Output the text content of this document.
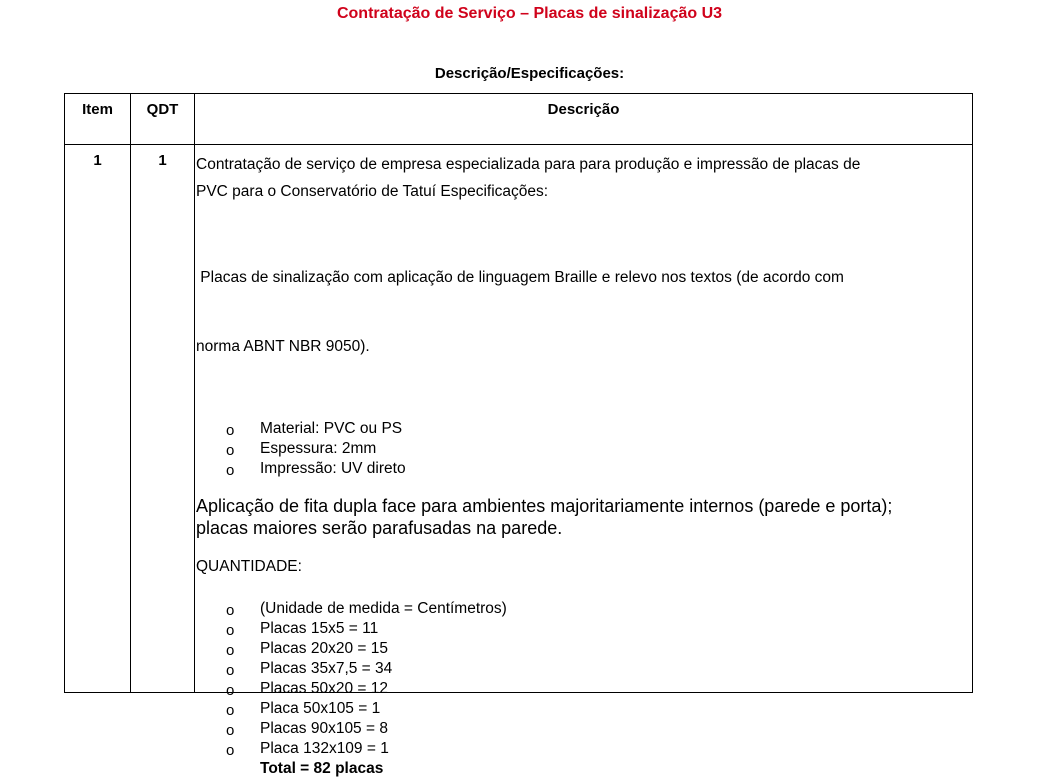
Contratação de Serviço – Placas de sinalização U3
Descrição/Especificações:
Item	QDT	Descrição
1	1	Contratação de serviço de empresa especializada para para produção e impressão de placas de
PVC para o Conservatório de Tatuí Especificações:

Placas de sinalização com aplicação de linguagem Braille e relevo nos textos (de acordo com

norma ABNT NBR 9050).

o Material: PVC ou PS
o Espessura: 2mm
o Impressão: UV direto

Aplicação de fita dupla face para ambientes majoritariamente internos (parede e porta);
placas maiores serão parafusadas na parede.

QUANTIDADE:

o (Unidade de medida = Centímetros)
o Placas 15x5 = 11
o Placas 20x20 = 15
o Placas 35x7,5 = 34
o Placas 50x20 = 12
o Placa 50x105 = 1
o Placas 90x105 = 8
o Placa 132x109 = 1
Total = 82 placas
